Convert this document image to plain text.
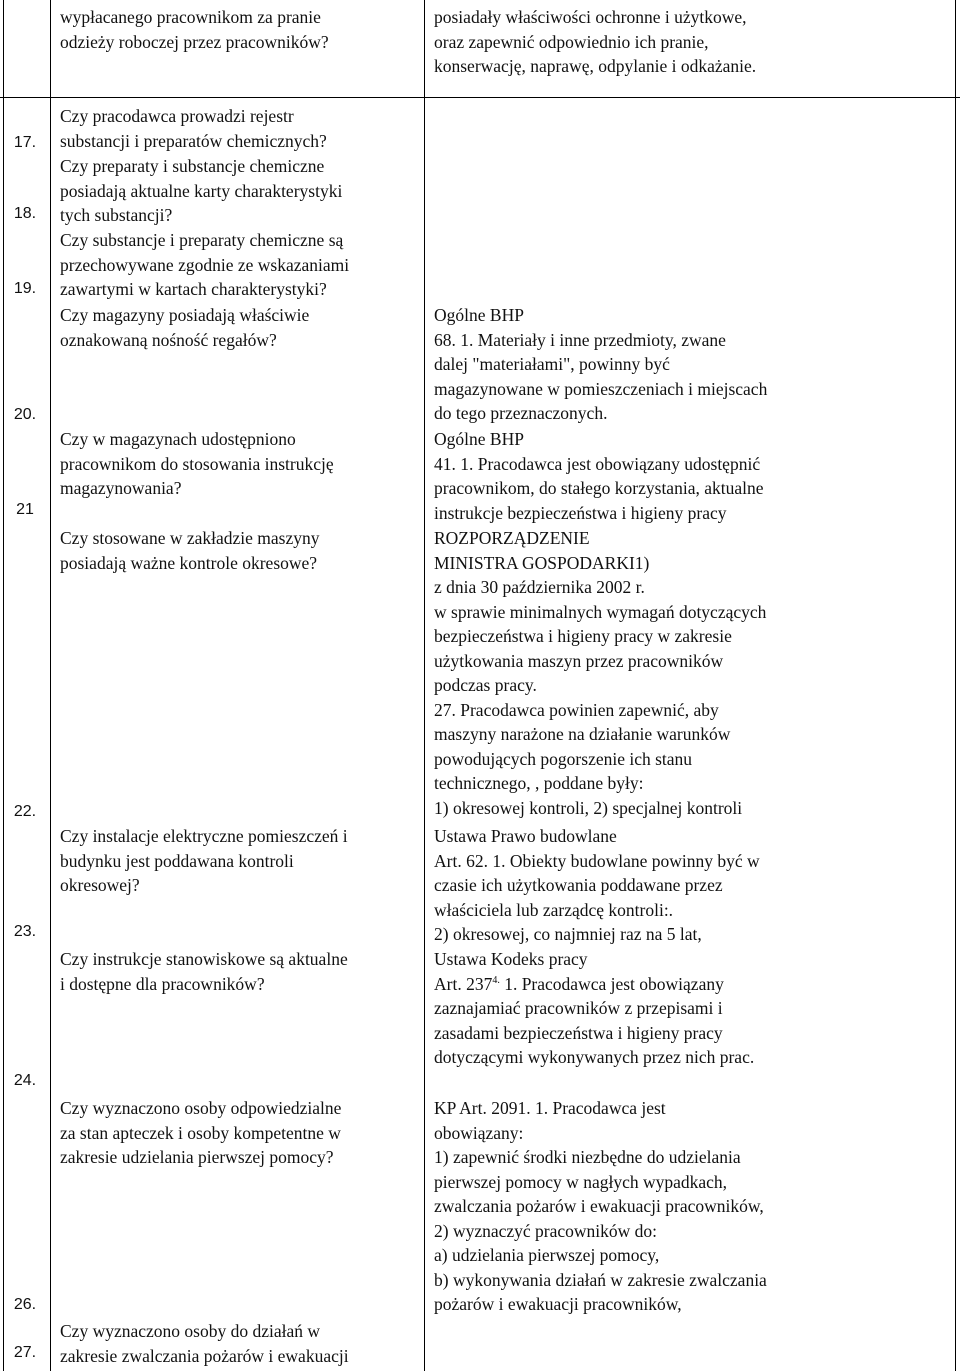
wypłacanego pracownikom za pranie
odzieży roboczej przez pracowników?
posiadały właściwości ochronne i użytkowe,
oraz zapewnić odpowiednio ich pranie,
konserwację, naprawę, odpylanie i odkażanie.
17.
Czy pracodawca prowadzi rejestr
substancji i preparatów chemicznych?
18.
Czy preparaty i substancje chemiczne
posiadają aktualne karty charakterystyki
tych substancji?
19.
Czy substancje i preparaty chemiczne są
przechowywane zgodnie ze wskazaniami
zawartymi w kartach charakterystyki?
20.
Czy magazyny posiadają właściwie
oznakowaną nośność regałów?
Ogólne BHP
68. 1. Materiały i inne przedmioty, zwane
dalej "materiałami", powinny być
magazynowane w pomieszczeniach i miejscach
do tego przeznaczonych.
21
Czy w magazynach udostępniono
pracownikom do stosowania instrukcję
magazynowania?
Ogólne BHP
41. 1. Pracodawca jest obowiązany udostępnić
pracownikom, do stałego korzystania, aktualne
instrukcje bezpieczeństwa i higieny pracy
22.
Czy stosowane w zakładzie maszyny
posiadają ważne kontrole okresowe?
ROZPORZĄDZENIE
MINISTRA GOSPODARKI1)
z dnia 30 października 2002 r.
w sprawie minimalnych wymagań dotyczących
bezpieczeństwa i higieny pracy w zakresie
użytkowania maszyn przez pracowników
podczas pracy.
27. Pracodawca powinien zapewnić, aby
maszyny narażone na działanie warunków
powodujących pogorszenie ich stanu
technicznego, , poddane były:
1) okresowej kontroli, 2) specjalnej kontroli
23.
Czy instalacje elektryczne pomieszczeń i
budynku jest poddawana kontroli
okresowej?
Ustawa Prawo budowlane
Art. 62. 1. Obiekty budowlane powinny być w
czasie ich użytkowania poddawane przez
właściciela lub zarządcę kontroli:.
2) okresowej, co najmniej raz na 5 lat,
24.
Czy instrukcje stanowiskowe są aktualne
i dostępne dla pracowników?
Ustawa Kodeks pracy
Art. $237^{4.}$ 1. Pracodawca jest obowiązany
zaznajamiać pracowników z przepisami i
zasadami bezpieczeństwa i higieny pracy
dotyczącymi wykonywanych przez nich prac.
26.
Czy wyznaczono osoby odpowiedzialne
za stan apteczek i osoby kompetentne w
zakresie udzielania pierwszej pomocy?
KP Art. 2091. 1. Pracodawca jest
obowiązany:
1) zapewnić środki niezbędne do udzielania
pierwszej pomocy w nagłych wypadkach,
zwalczania pożarów i ewakuacji pracowników,
2) wyznaczyć pracowników do:
a) udzielania pierwszej pomocy,
b) wykonywania działań w zakresie zwalczania
pożarów i ewakuacji pracowników,
27.
Czy wyznaczono osoby do działań w
zakresie zwalczania pożarów i ewakuacji
